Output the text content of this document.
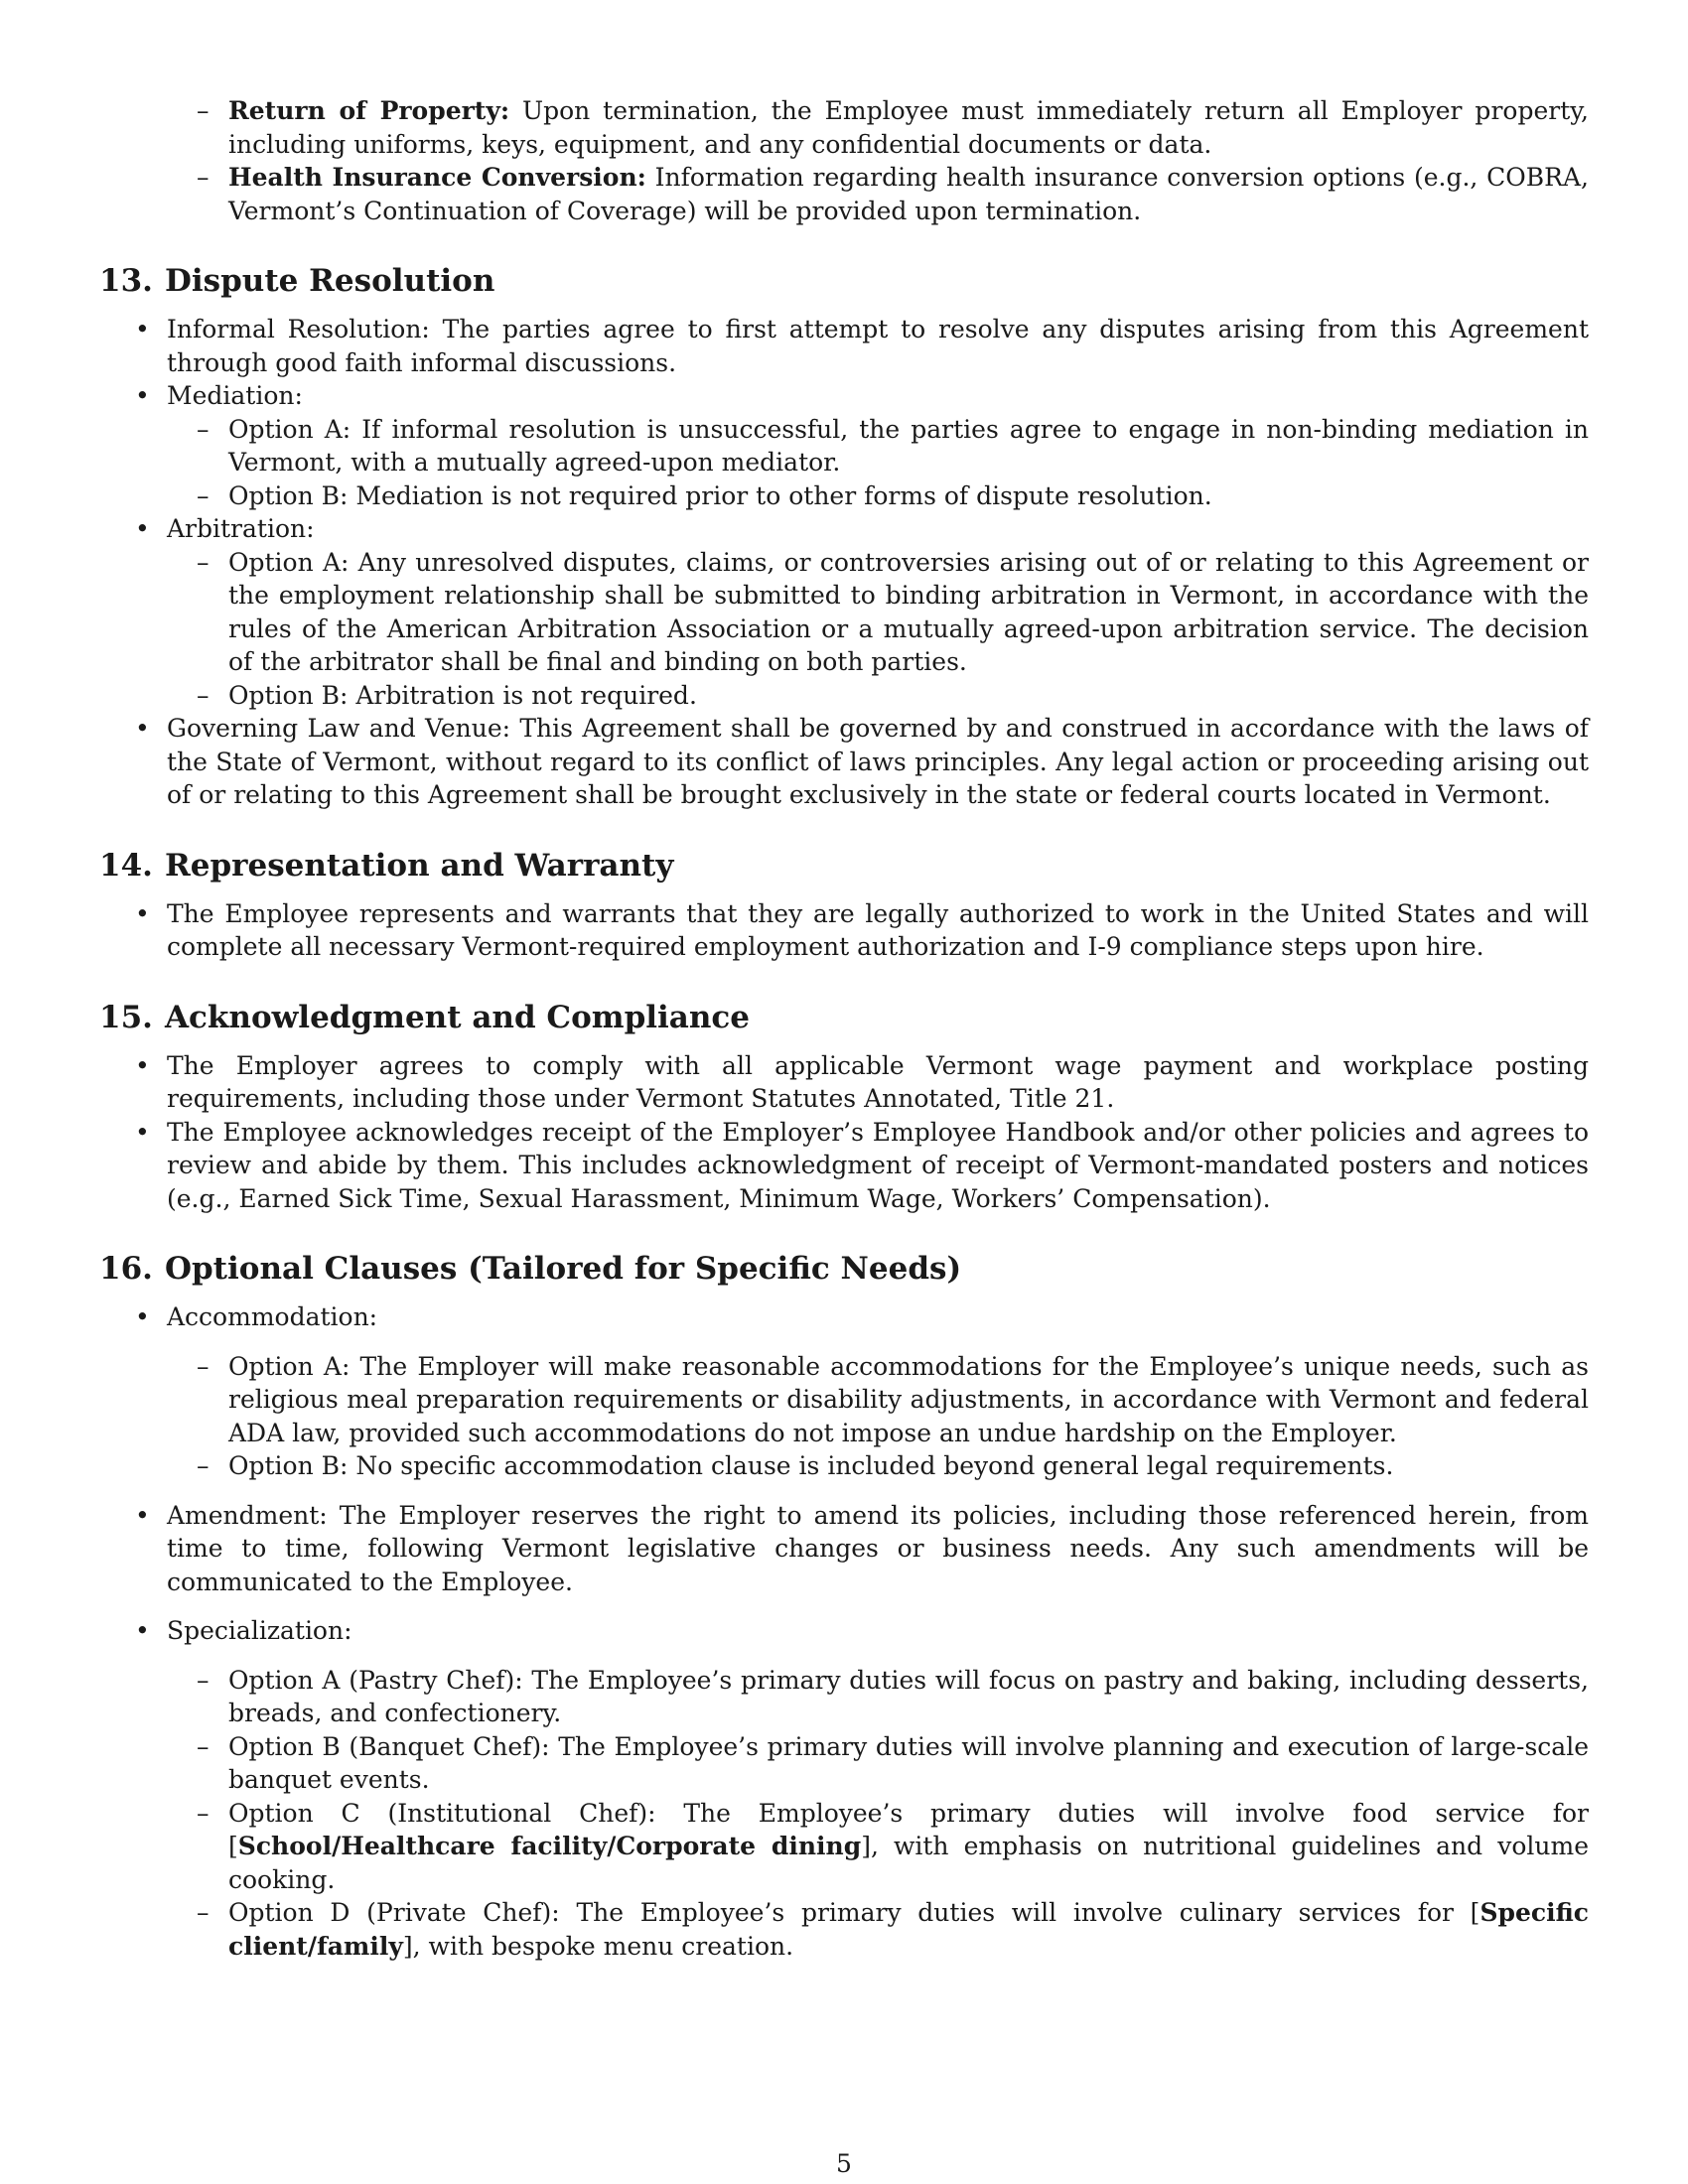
– Return of Property: Upon termination, the Employee must immediately return all Employer property, including uniforms, keys, equipment, and any confidential documents or data.
– Health Insurance Conversion: Information regarding health insurance conversion options (e.g., COBRA, Vermont’s Continuation of Coverage) will be provided upon termination.
13. Dispute Resolution
• Informal Resolution: The parties agree to first attempt to resolve any disputes arising from this Agreement through good faith informal discussions.
• Mediation:
– Option A: If informal resolution is unsuccessful, the parties agree to engage in non-binding mediation in Vermont, with a mutually agreed-upon mediator.
– Option B: Mediation is not required prior to other forms of dispute resolution.
• Arbitration:
– Option A: Any unresolved disputes, claims, or controversies arising out of or relating to this Agreement or the employment relationship shall be submitted to binding arbitration in Vermont, in accordance with the rules of the American Arbitration Association or a mutually agreed-upon arbitration service. The decision of the arbitrator shall be final and binding on both parties.
– Option B: Arbitration is not required.
• Governing Law and Venue: This Agreement shall be governed by and construed in accordance with the laws of the State of Vermont, without regard to its conflict of laws principles. Any legal action or proceeding arising out of or relating to this Agreement shall be brought exclusively in the state or federal courts located in Vermont.
14. Representation and Warranty
• The Employee represents and warrants that they are legally authorized to work in the United States and will complete all necessary Vermont-required employment authorization and I-9 compliance steps upon hire.
15. Acknowledgment and Compliance
• The Employer agrees to comply with all applicable Vermont wage payment and workplace posting requirements, including those under Vermont Statutes Annotated, Title 21.
• The Employee acknowledges receipt of the Employer’s Employee Handbook and/or other policies and agrees to review and abide by them. This includes acknowledgment of receipt of Vermont-mandated posters and notices (e.g., Earned Sick Time, Sexual Harassment, Minimum Wage, Workers’ Compensation).
16. Optional Clauses (Tailored for Specific Needs)
• Accommodation:
– Option A: The Employer will make reasonable accommodations for the Employee’s unique needs, such as religious meal preparation requirements or disability adjustments, in accordance with Vermont and federal ADA law, provided such accommodations do not impose an undue hardship on the Employer.
– Option B: No specific accommodation clause is included beyond general legal requirements.
• Amendment: The Employer reserves the right to amend its policies, including those referenced herein, from time to time, following Vermont legislative changes or business needs. Any such amendments will be communicated to the Employee.
• Specialization:
– Option A (Pastry Chef): The Employee’s primary duties will focus on pastry and baking, including desserts, breads, and confectionery.
– Option B (Banquet Chef): The Employee’s primary duties will involve planning and execution of large-scale banquet events.
– Option C (Institutional Chef): The Employee’s primary duties will involve food service for [School/Healthcare facility/Corporate dining], with emphasis on nutritional guidelines and volume cooking.
– Option D (Private Chef): The Employee’s primary duties will involve culinary services for [Specific client/family], with bespoke menu creation.
5
